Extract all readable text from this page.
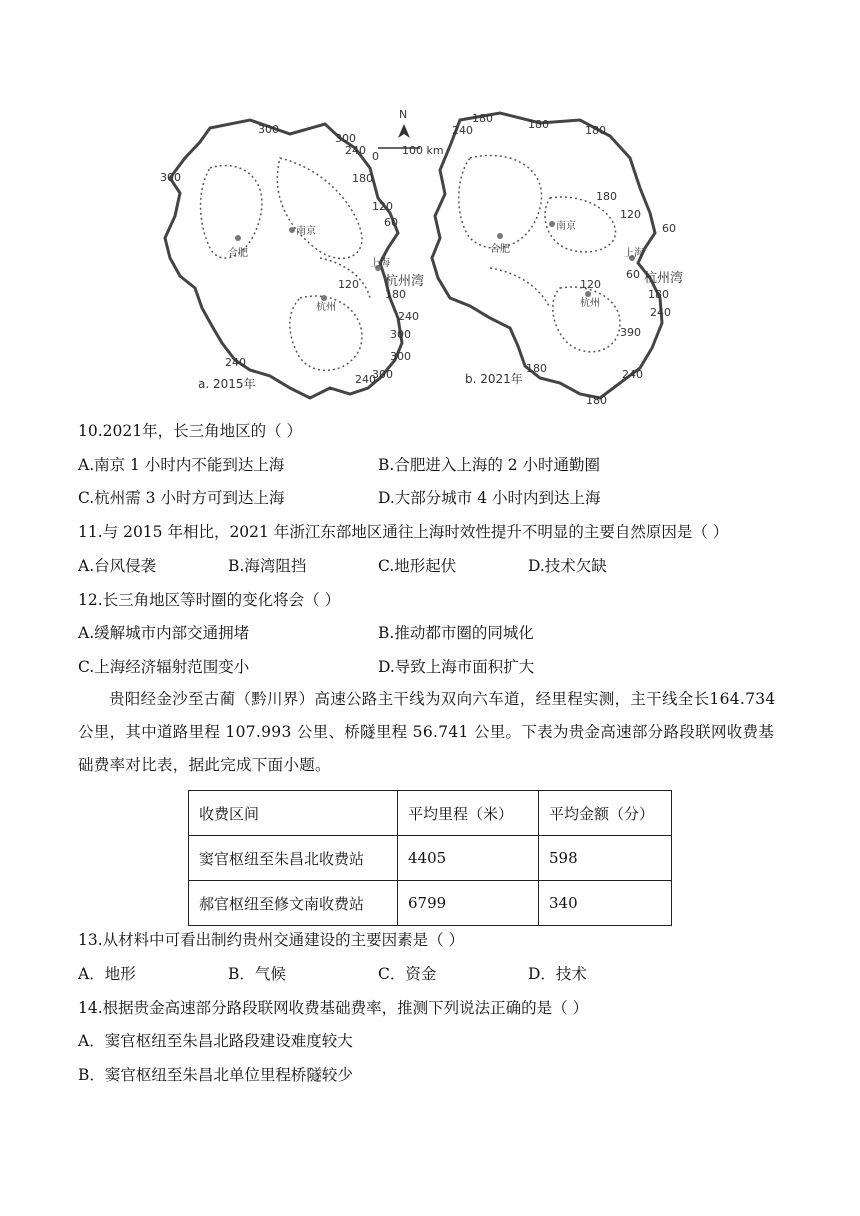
N
0 100 km
300
300
300
240
180
120
60
120
180
240
300
300
240
240
300
合肥
南京
上海
杭州
杭州湾
a. 2015年
180
240	180	180
180
120
60
60
120
180
240
390
240
180
180
合肥
南京
上海
杭州
杭州湾
b. 2021年
10.2021年，长三角地区的（ ）
A.南京 1 小时内不能到达上海	B.合肥进入上海的 2 小时通勤圈
C.杭州需 3 小时方可到达上海	D.大部分城市 4 小时内到达上海
11.与 2015 年相比，2021 年浙江东部地区通往上海时效性提升不明显的主要自然原因是（ ）
A.台风侵袭	B.海湾阻挡	C.地形起伏	D.技术欠缺
12.长三角地区等时圈的变化将会（ ）
A.缓解城市内部交通拥堵	B.推动都市圈的同城化
C.上海经济辐射范围变小	D.导致上海市面积扩大

贵阳经金沙至古蔺（黔川界）高速公路主干线为双向六车道，经里程实测，主干线全长164.734 公里，其中道路里程 107.993 公里、桥隧里程 56.741 公里。下表为贵金高速部分路段联网收费基础费率对比表，据此完成下面小题。

收费区间	平均里程（米）	平均金额（分）
窦官枢纽至朱昌北收费站	4405	598
郝官枢纽至修文南收费站	6799	340
13.从材料中可看出制约贵州交通建设的主要因素是（ ）
A．地形	B．气候	C．资金	D．技术
14.根据贵金高速部分路段联网收费基础费率，推测下列说法正确的是（ ）
A．窦官枢纽至朱昌北路段建设难度较大
B．窦官枢纽至朱昌北单位里程桥隧较少
